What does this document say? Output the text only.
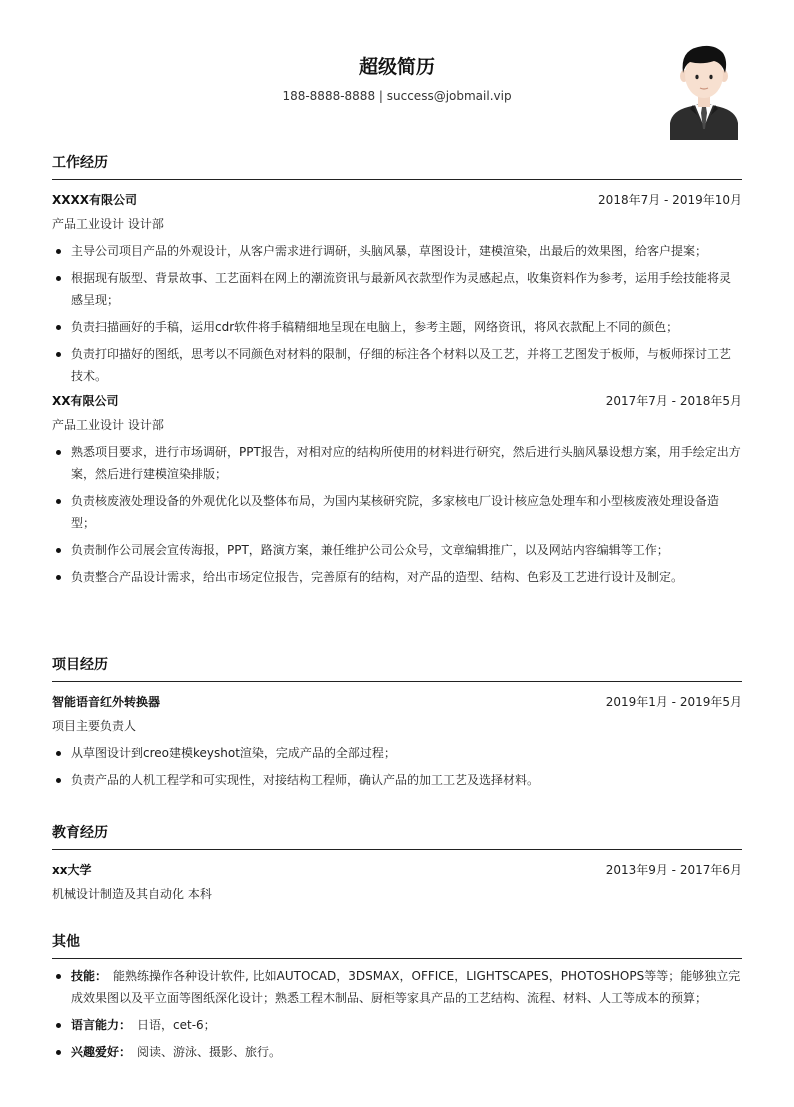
超级简历
188-8888-8888 | success@jobmail.vip
工作经历
XXXX有限公司	2018年7月 - 2019年10月
产品工业设计 设计部
主导公司项目产品的外观设计，从客户需求进行调研，头脑风暴，草图设计，建模渲染，出最后的效果图，给客户提案；
根据现有版型、背景故事、工艺面料在网上的潮流资讯与最新风衣款型作为灵感起点，收集资料作为参考，运用手绘技能将灵感呈现；
负责扫描画好的手稿，运用cdr软件将手稿精细地呈现在电脑上，参考主题，网络资讯，将风衣款配上不同的颜色；
负责打印描好的图纸，思考以不同颜色对材料的限制，仔细的标注各个材料以及工艺，并将工艺图发于板师，与板师探讨工艺技术。
XX有限公司	2017年7月 - 2018年5月
产品工业设计 设计部
熟悉项目要求，进行市场调研，PPT报告，对相对应的结构所使用的材料进行研究，然后进行头脑风暴设想方案，用手绘定出方案，然后进行建模渲染排版；
负责核废液处理设备的外观优化以及整体布局，为国内某核研究院，多家核电厂设计核应急处理车和小型核废液处理设备造型；
负责制作公司展会宣传海报，PPT，路演方案，兼任维护公司公众号，文章编辑推广，以及网站内容编辑等工作；
负责整合产品设计需求，给出市场定位报告，完善原有的结构，对产品的造型、结构、色彩及工艺进行设计及制定。
项目经历
智能语音红外转换器	2019年1月 - 2019年5月
项目主要负责人
从草图设计到creo建模keyshot渲染，完成产品的全部过程；
负责产品的人机工程学和可实现性，对接结构工程师，确认产品的加工工艺及选择材料。
教育经历
xx大学	2013年9月 - 2017年6月
机械设计制造及其自动化 本科
其他
技能： 能熟练操作各种设计软件, 比如AUTOCAD，3DSMAX，OFFICE，LIGHTSCAPES，PHOTOSHOPS等等；能够独立完成效果图以及平立面等图纸深化设计；熟悉工程木制品、厨柜等家具产品的工艺结构、流程、材料、人工等成本的预算；
语言能力： 日语，cet-6；
兴趣爱好： 阅读、游泳、摄影、旅行。
